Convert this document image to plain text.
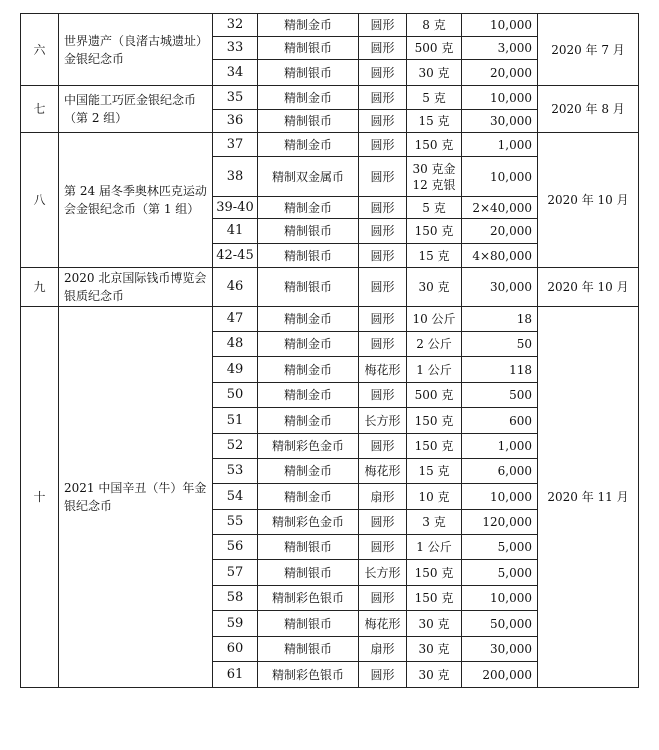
六	世界遗产（良渚古城遗址）金银纪念币	32	精制金币	圆形	8 克	10,000	2020 年 7 月
		33	精制银币	圆形	500 克	3,000	
		34	精制银币	圆形	30 克	20,000	
七	中国能工巧匠金银纪念币（第 2 组）	35	精制金币	圆形	5 克	10,000	2020 年 8 月
		36	精制银币	圆形	15 克	30,000	
八	第 24 届冬季奥林匹克运动会金银纪念币（第 1 组）	37	精制金币	圆形	150 克	1,000	2020 年 10 月
		38	精制双金属币	圆形	30 克金 12 克银	10,000	
		39-40	精制金币	圆形	5 克	2×40,000	
		41	精制银币	圆形	150 克	20,000	
		42-45	精制银币	圆形	15 克	4×80,000	
九	2020 北京国际钱币博览会银质纪念币	46	精制银币	圆形	30 克	30,000	2020 年 10 月
十	2021 中国辛丑（牛）年金银纪念币	47	精制金币	圆形	10 公斤	18	2020 年 11 月
		48	精制金币	圆形	2 公斤	50	
		49	精制金币	梅花形	1 公斤	118	
		50	精制金币	圆形	500 克	500	
		51	精制金币	长方形	150 克	600	
		52	精制彩色金币	圆形	150 克	1,000	
		53	精制金币	梅花形	15 克	6,000	
		54	精制金币	扇形	10 克	10,000	
		55	精制彩色金币	圆形	3 克	120,000	
		56	精制银币	圆形	1 公斤	5,000	
		57	精制银币	长方形	150 克	5,000	
		58	精制彩色银币	圆形	150 克	10,000	
		59	精制银币	梅花形	30 克	50,000	
		60	精制银币	扇形	30 克	30,000	
		61	精制彩色银币	圆形	30 克	200,000	
